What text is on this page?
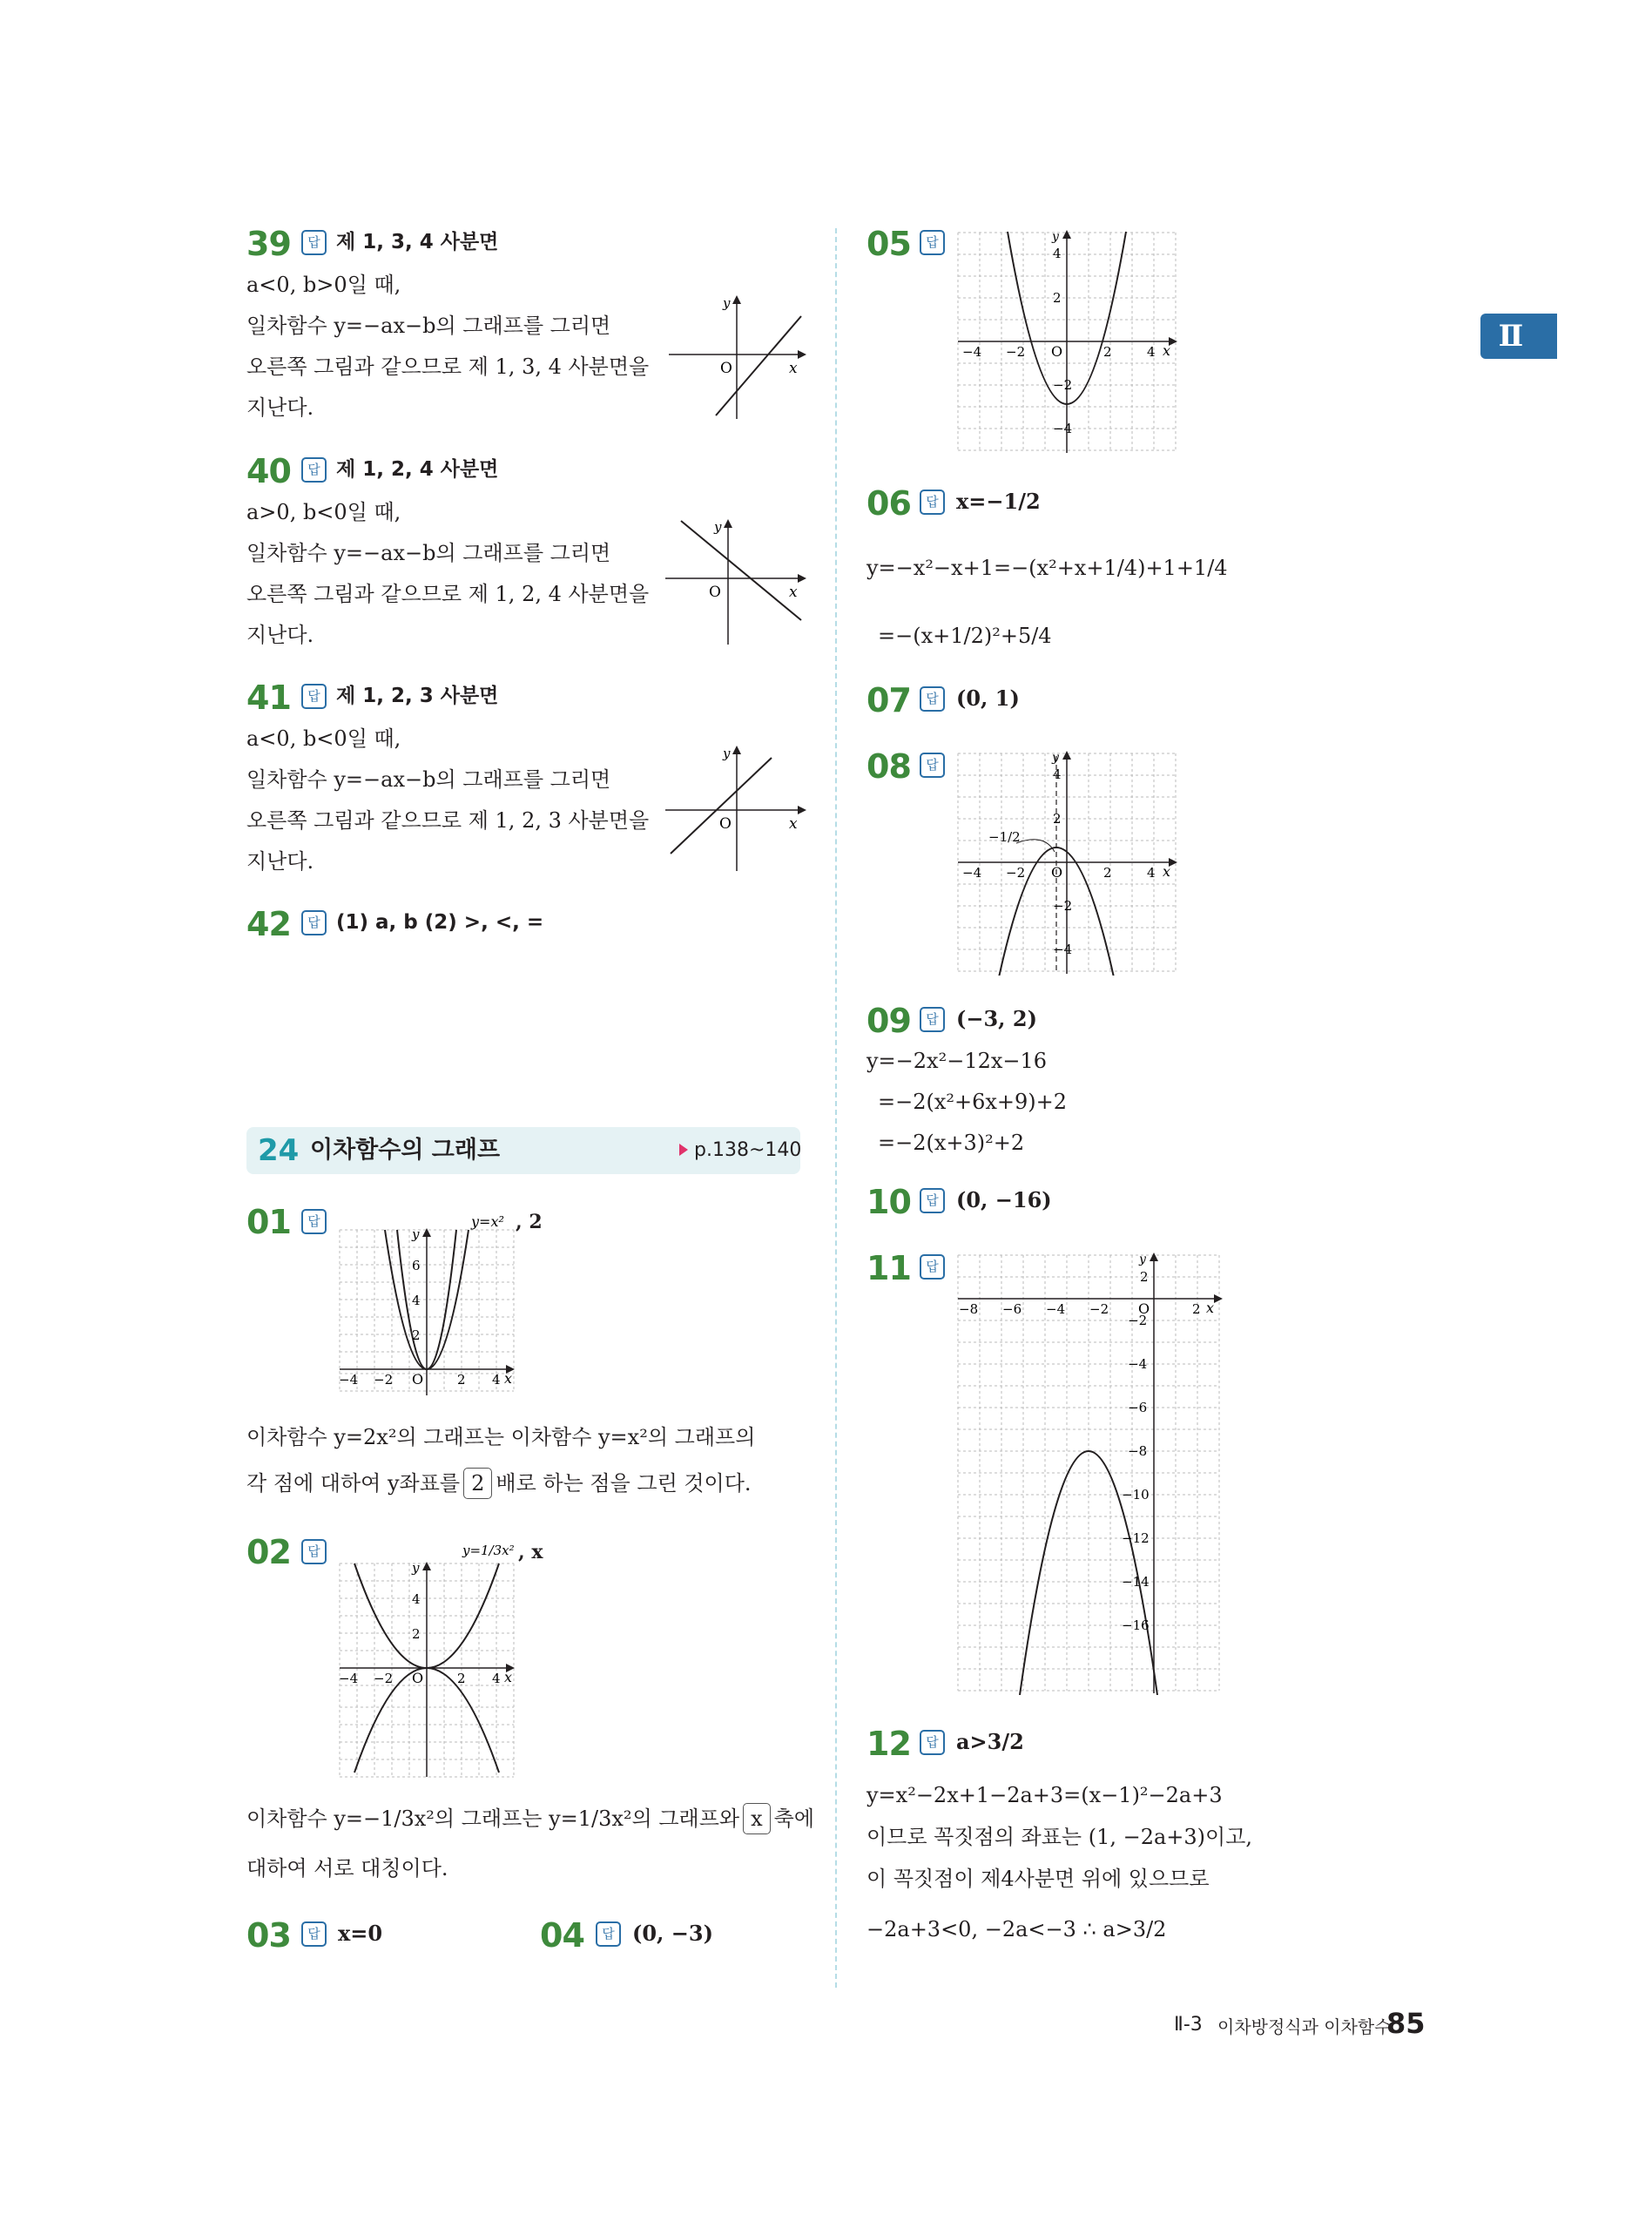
39	답 제 1, 3, 4 사분면
a<0, b>0일 때,
일차함수 y=−ax−b의 그래프를 그리면
오른쪽 그림과 같으므로 제 1, 3, 4 사분면을
지난다.
O	x
y
40	답 제 1, 2, 4 사분면
a>0, b<0일 때,
일차함수 y=−ax−b의 그래프를 그리면
오른쪽 그림과 같으므로 제 1, 2, 4 사분면을
지난다.
O	x
y
41	답 제 1, 2, 3 사분면
a<0, b<0일 때,
일차함수 y=−ax−b의 그래프를 그리면
오른쪽 그림과 같으므로 제 1, 2, 3 사분면을
지난다.
O	x
y
42	답 (1) a, b (2) >, <, =
24 이차함수의 그래프	p.138~140
01	답	y=x²
y
6
4
2
−4 −2 O	2 4 x
, 2
이차함수 y=2x²의 그래프는 이차함수 y=x²의 그래프의
각 점에 대하여 y좌표를 2 배로 하는 점을 그린 것이다.
02	답	y=1/3x²
y
4
2
−4 −2 O	2 4 x
, x
이차함수 y=−1/3x²의 그래프는 y=1/3x²의 그래프와 x 축에
대하여 서로 대칭이다.
03	답 x=0	04	답 (0, −3)
05	답	y
4
2
−2
−4
−4 −2 O	2	4 x
06	답 x=−1/2
y=−x²−x+1=−(x²+x+1/4)+1+1/4
=−(x+1/2)²+5/4
07	답 (0, 1)
08	답
−1/2
y
4
2
−2
−4
−4 −2 O	2	4 x
09	답 (−3, 2)
y=−2x²−12x−16
=−2(x²+6x+9)+2
=−2(x+3)²+2
10	답 (0, −16)
11	답	y
2
−2
−4
−6
−8
−10
−12
−14
−16
−8 −6 −4 −2 O	2 x
12	답 a>3/2
y=x²−2x+1−2a+3=(x−1)²−2a+3
이므로 꼭짓점의 좌표는 (1, −2a+3)이고,
이 꼭짓점이 제4사분면 위에 있으므로
−2a+3<0, −2a<−3 ∴ a>3/2
Ⅱ
Ⅱ-3 이차방정식과 이차함수
85
